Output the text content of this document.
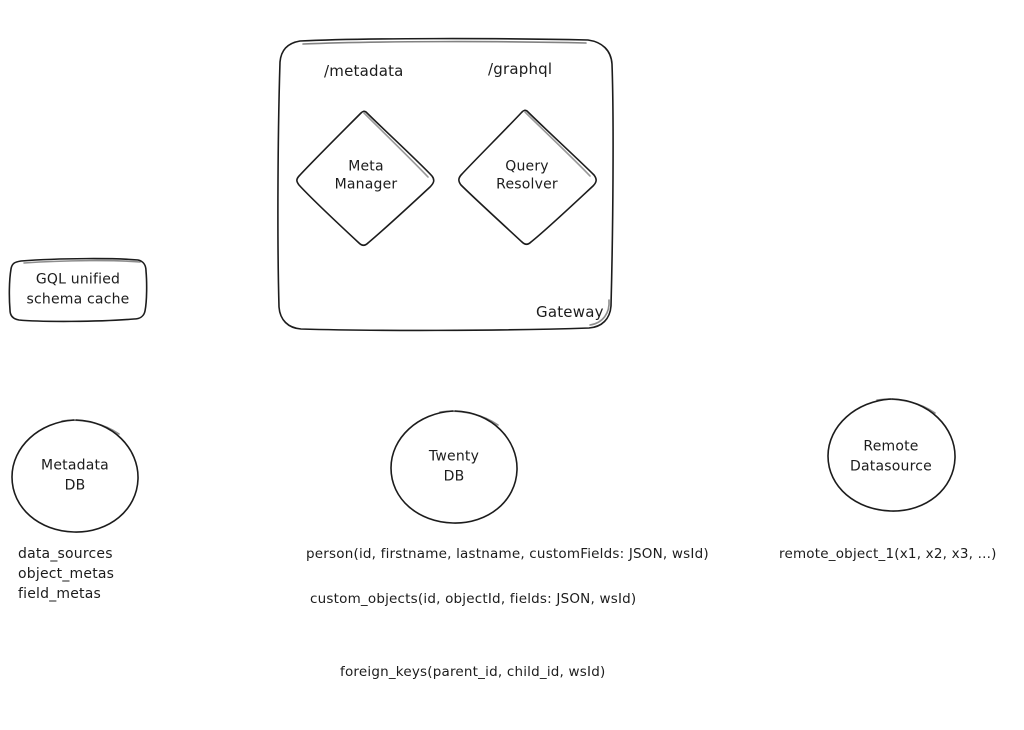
/metadata	/graphql
Meta
Manager
Query
Resolver
Gateway
GQL unified
schema cache
Metadata
DB
Twenty
DB
Remote
Datasource
data_sources
object_metas
field_metas
person(id, firstname, lastname, customFields: JSON, wsId)
custom_objects(id, objectId, fields: JSON, wsId)
remote_object_1(x1, x2, x3, ...)
foreign_keys(parent_id, child_id, wsId)
